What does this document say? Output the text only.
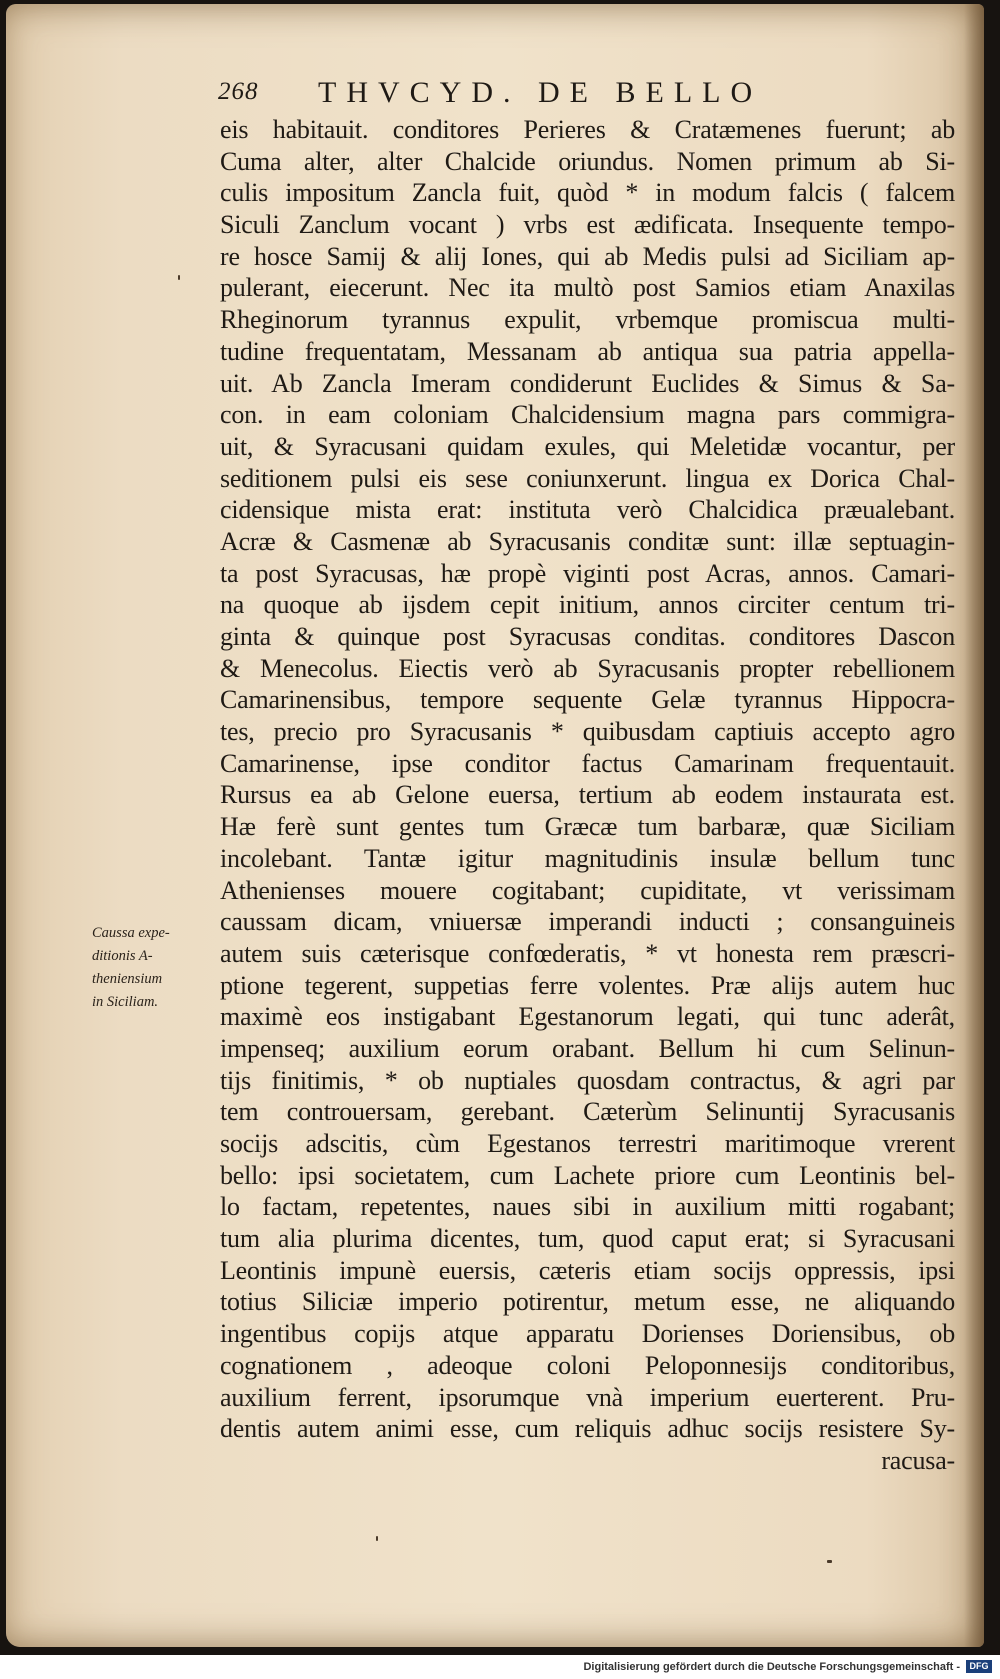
268 THVCYD. DE BELLO
Caussa expe-
ditionis A-
theniensium
in Siciliam.
eis habitauit. conditores Perieres & Cratæmenes fuerunt; ab
Cuma alter, alter Chalcide oriundus. Nomen primum ab Si-
culis impositum Zancla fuit, quòd * in modum falcis ( falcem
Siculi Zanclum vocant ) vrbs est ædificata. Insequente tempo-
re hosce Samij & alij Iones, qui ab Medis pulsi ad Siciliam ap-
pulerant, eiecerunt. Nec ita multò post Samios etiam Anaxilas
Rheginorum tyrannus expulit, vrbemque promiscua multi-
tudine frequentatam, Messanam ab antiqua sua patria appella-
uit. Ab Zancla Imeram condiderunt Euclides & Simus & Sa-
con. in eam coloniam Chalcidensium magna pars commigra-
uit, & Syracusani quidam exules, qui Meletidæ vocantur, per
seditionem pulsi eis sese coniunxerunt. lingua ex Dorica Chal-
cidensique mista erat: instituta verò Chalcidica præualebant.
Acræ & Casmenæ ab Syracusanis conditæ sunt: illæ septuagin-
ta post Syracusas, hæ propè viginti post Acras, annos. Camari-
na quoque ab ijsdem cepit initium, annos circiter centum tri-
ginta & quinque post Syracusas conditas. conditores Dascon
& Menecolus. Eiectis verò ab Syracusanis propter rebellionem
Camarinensibus, tempore sequente Gelæ tyrannus Hippocra-
tes, precio pro Syracusanis * quibusdam captiuis accepto agro
Camarinense, ipse conditor factus Camarinam frequentauit.
Rursus ea ab Gelone euersa, tertium ab eodem instaurata est.
Hæ ferè sunt gentes tum Græcæ tum barbaræ, quæ Siciliam
incolebant. Tantæ igitur magnitudinis insulæ bellum tunc
Athenienses mouere cogitabant; cupiditate, vt verissimam
caussam dicam, vniuersæ imperandi inducti ; consanguineis
autem suis cæterisque confœderatis, * vt honesta rem præscri-
ptione tegerent, suppetias ferre volentes. Præ alijs autem huc
maximè eos instigabant Egestanorum legati, qui tunc aderât,
impenseq; auxilium eorum orabant. Bellum hi cum Selinun-
tijs finitimis, * ob nuptiales quosdam contractus, & agri par
tem controuersam, gerebant. Cæterùm Selinuntij Syracusanis
socijs adscitis, cùm Egestanos terrestri maritimoque vrerent
bello: ipsi societatem, cum Lachete priore cum Leontinis bel-
lo factam, repetentes, naues sibi in auxilium mitti rogabant;
tum alia plurima dicentes, tum, quod caput erat; si Syracusani
Leontinis impunè euersis, cæteris etiam socijs oppressis, ipsi
totius Siliciæ imperio potirentur, metum esse, ne aliquando
ingentibus copijs atque apparatu Dorienses Doriensibus, ob
cognationem , adeoque coloni Peloponnesijs conditoribus,
auxilium ferrent, ipsorumque vnà imperium euerterent. Pru-
dentis autem animi esse, cum reliquis adhuc socijs resistere Sy-
racusa-
Digitalisierung gefördert durch die Deutsche Forschungsgemeinschaft -	DFG
